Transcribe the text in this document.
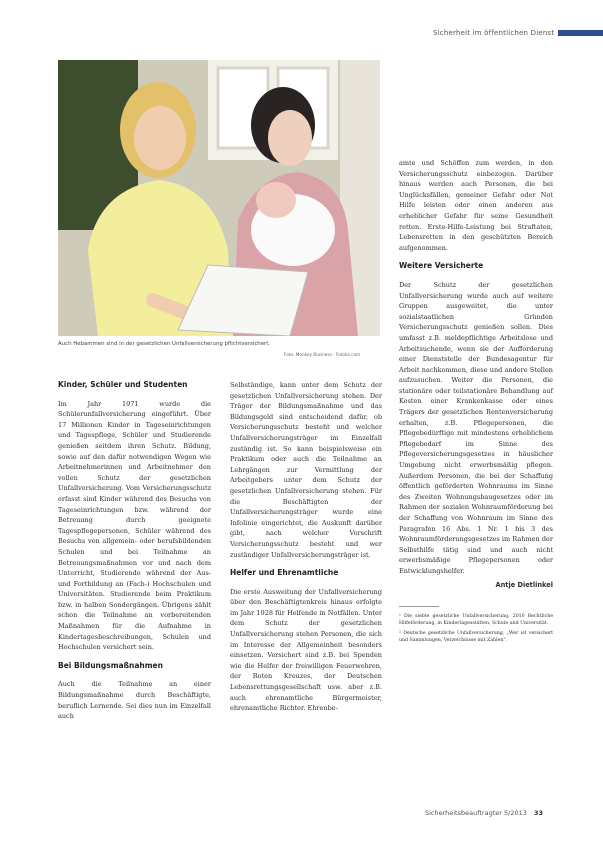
Sicherheit im öffentlichen Dienst
Auch Hebammen sind in der gesetzlichen Unfallversicherung pflichtversichert.
Foto: Monkey Business - Fotolia.com
Kinder, Schüler und Studenten

Im Jahr 1971 wurde die Schülerunfallversicherung eingeführt. Über 17 Millionen Kinder in Tageseinrichtungen und Tagespflege, Schüler und Studierende genießen seitdem ihren Schutz. Bildung, sowie auf den dafür notwendigen Wegen wie Arbeitnehmerinnen und Arbeitnehmer den vollen Schutz der gesetzlichen Unfallversicherung. Vom Versicherungsschutz erfasst sind Kinder während des Besuchs von Tageseinrichtungen bzw. während der Betreuung durch geeignete Tagespflegepersonen, Schüler während des Besuchs von allgemein- oder berufsbildenden Schulen und bei Teilnahme an Betreuungsmaßnahmen vor und nach dem Unterricht, Studierende während der Aus- und Fortbildung an (Fach-) Hochschulen und Universitäten. Studierende beim Praktikum bzw. in halben Sondergängen. Übrigens zählt schon die Teilnahme an vorbereitenden Maßnahmen für die Aufnahme in Kindertagesbeschreibungen, Schulen und Hochschulen versichert sein.

Bei Bildungsmaßnahmen

Auch die Teilnahme an einer Bildungsmaßnahme durch Beschäftigte, beruflich Lernende. Sei dies nun im Einzelfall auch

Selbständige, kann unter dem Schutz der gesetzlichen Unfallversicherung stehen. Der Träger der Bildungsmaßnahme und das Bildungsgeld sind entscheidend dafür, ob Versicherungsschutz besteht und welcher Unfallversicherungsträger im Einzelfall zuständig ist. So kann beispielsweise ein Praktikum oder auch die Teilnahme an Lehrgängen zur Vermittlung der Arbeitgebers unter dem Schutz der gesetzlichen Unfallversicherung stehen. Für die Beschäftigten der Unfallversicherungsträger wurde eine Infolinie eingerichtet, die Auskunft darüber gibt, nach welcher Vorschrift Versicherungsschutz besteht und wer zuständiger Unfallversicherungsträger ist.

Helfer und Ehrenamtliche

Die erste Ausweitung der Unfallversicherung über den Beschäftigtenkreis hinaus erfolgte im Jahr 1928 für Helfende in Notfällen. Unter dem Schutz der gesetzlichen Unfallversicherung stehen Personen, die sich im Interesse der Allgemeinheit besonders einsetzen. Versichert sind z.B. bei Spenden wie die Helfer der freiwilligen Feuerwehren, der Roten Kreuzes, der Deutschen Lebensrettungsgesellschaft usw. aber z.B. auch ehrenamtliche Bürgermeister, ehrenamtliche Richter. Ehrenbe-

amte und Schöffen zum werden, in den Versicherungsschutz einbezogen. Darüber hinaus werden auch Personen, die bei Unglücksfällen, gemeiner Gefahr oder Not Hilfe leisten oder einen anderen aus erheblicher Gefahr für seine Gesundheit retten. Erste-Hilfe-Leistung bei Straftaten, Lebensretten in den geschützten Bereich aufgenommen.

Weitere Versicherte

Der Schutz der gesetzlichen Unfallversicherung wurde auch auf weitere Gruppen ausgeweitet, die unter sozialstaatlichen Gründen Versicherungsschutz genießen sollen. Dies umfasst z.B. meldepflichtige Arbeitslose und Arbeitsuchende, wenn sie der Aufforderung einer Dienststelle der Bundesagentur für Arbeit nachkommen, diese und andere Stellen aufzusuchen. Weiter die Personen, die stationäre oder teilstationäre Behandlung auf Kosten einer Krankenkasse oder eines Trägers der gesetzlichen Rentenversicherung erhalten, z.B. Pflegepersonen, die Pflegebedürftige mit mindestens erheblichem Pflegebedarf im Sinne des Pflegeversicherungsgesetzes in häuslicher Umgebung nicht erwerbsmäßig pflegen. Außerdem Personen, die bei der Schaffung öffentlich geförderten Wohnraums im Sinne des Zweiten Wohnungsbaugesetzes oder im Rahmen der sozialen Wohnraumförderung bei der Schaffung von Wohnraum im Sinne des Paragrafen 16 Abs. 1 Nr. 1 bis 3 des Wohnraumförderungsgesetzes im Rahmen der Selbsthilfe tätig sind und auch nicht erwerbsmäßige Pflegepersonen oder Entwicklungshelfer.

Antje Dietlinkel

¹ Die siebte gesetzliche Unfallversicherung, 2010 Rechtliche Hilfeförderung, in Kindertagesstätten, Schule und Universität.

² Deutsche gesetzliche Unfallversicherung, „Wer ist versichert und Sammlungen, Verzeichnisse mit Zahlen“.

Sicherheitsbeauftragter 5/2013 33
